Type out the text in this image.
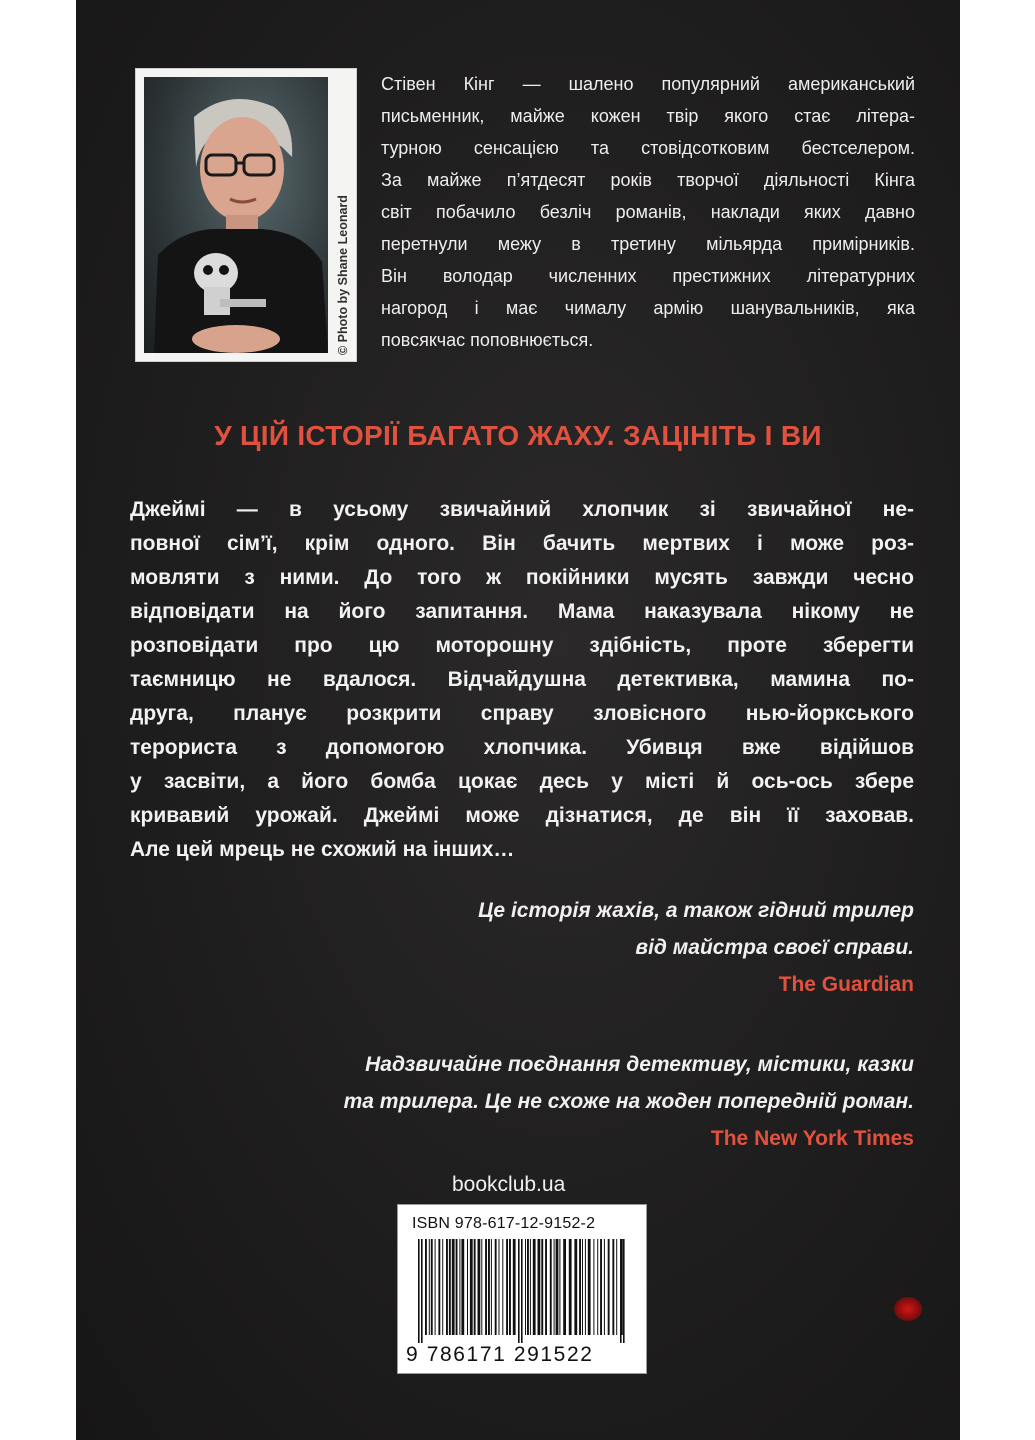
© Photo by Shane Leonard

Стівен Кінг — шалено популярний американський

письменник, майже кожен твір якого стає літера-

турною сенсацією та стовідсотковим бестселером.

За майже п’ятдесят років творчої діяльності Кінга

світ побачило безліч романів, наклади яких давно

перетнули межу в третину мільярда примірників.

Він володар численних престижних літературних

нагород і має чималу армію шанувальників, яка

повсякчас поповнюється.

У ЦІЙ ІСТОРІЇ БАГАТО ЖАХУ. ЗАЦІНІТЬ І ВИ

Джеймі — в усьому звичайний хлопчик зі звичайної не-

повної сім’ї, крім одного. Він бачить мертвих і може роз-

мовляти з ними. До того ж покійники мусять завжди чесно

відповідати на його запитання. Мама наказувала нікому не

розповідати про цю моторошну здібність, проте зберегти

таємницю не вдалося. Відчайдушна детективка, мамина по-

друга, планує розкрити справу зловісного нью-йоркського

терориста з допомогою хлопчика. Убивця вже відійшов

у засвіти, а його бомба цокає десь у місті й ось-ось збере

кривавий урожай. Джеймі може дізнатися, де він її заховав.

Але цей мрець не схожий на інших…

Це історія жахів, а також гідний трилер

від майстра своєї справи.

The Guardian

Надзвичайне поєднання детективу, містики, казки

та трилера. Це не схоже на жоден попередній роман.

The New York Times

bookclub.ua
ISBN 978-617-12-9152-2
9 786171 291522
